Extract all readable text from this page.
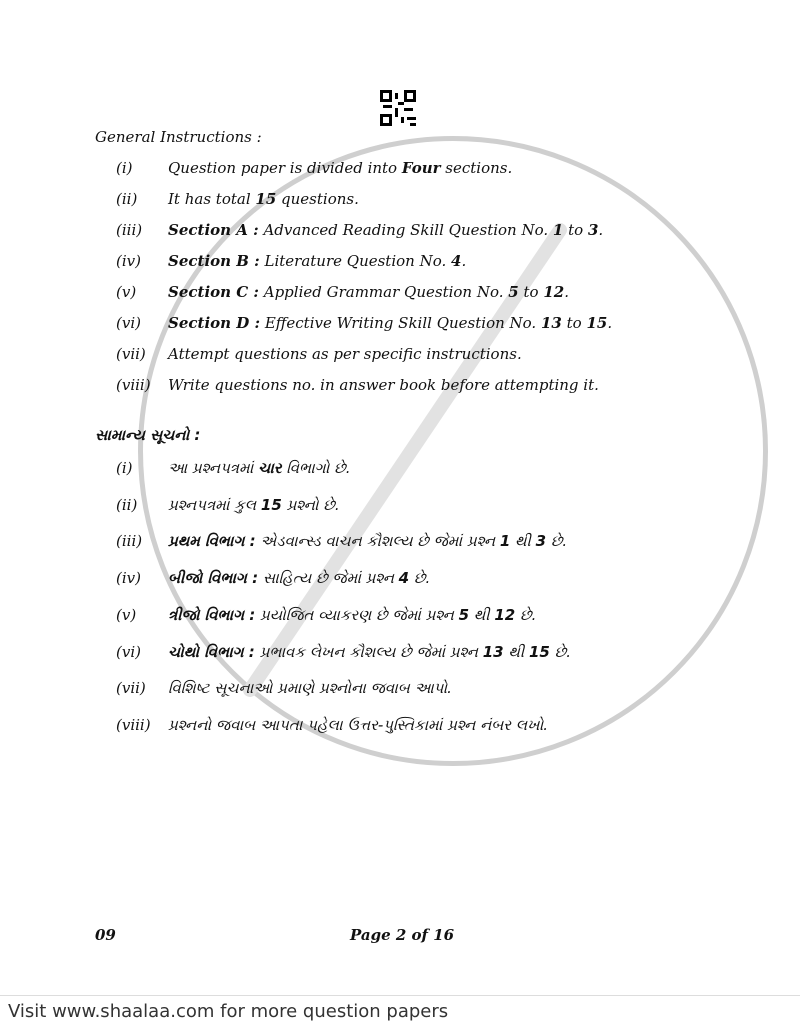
General Instructions :
(i) Question paper is divided into Four sections.
(ii) It has total 15 questions.
(iii) Section A : Advanced Reading Skill Question No. 1 to 3.
(iv) Section B : Literature Question No. 4.
(v) Section C : Applied Grammar Question No. 5 to 12.
(vi) Section D : Effective Writing Skill Question No. 13 to 15.
(vii) Attempt questions as per specific instructions.
(viii) Write questions no. in answer book before attempting it.
સામાન્ય સૂચનો :
(i) આ પ્રશ્નપત્રમાં ચાર વિભાગો છે.
(ii) પ્રશ્નપત્રમાં કુલ 15 પ્રશ્નો છે.
(iii) પ્રથમ વિભાગ : એડવાન્સ્ડ વાચન કૌશલ્ય છે જેમાં પ્રશ્ન 1 થી 3 છે.
(iv) બીજો વિભાગ : સાહિત્ય છે જેમાં પ્રશ્ન 4 છે.
(v) ત્રીજો વિભાગ : પ્રયોજિત વ્યાકરણ છે જેમાં પ્રશ્ન 5 થી 12 છે.
(vi) ચોથો વિભાગ : પ્રભાવક લેખન કૌશલ્ય છે જેમાં પ્રશ્ન 13 થી 15 છે.
(vii) વિશિષ્ટ સૂચનાઓ પ્રમાણે પ્રશ્નોના જવાબ આપો.
(viii) પ્રશ્નનો જવાબ આપતા પહેલા ઉત્તર-પુસ્તિકામાં પ્રશ્ન નંબર લખો.
09	Page 2 of 16
Visit www.shaalaa.com for more question papers
